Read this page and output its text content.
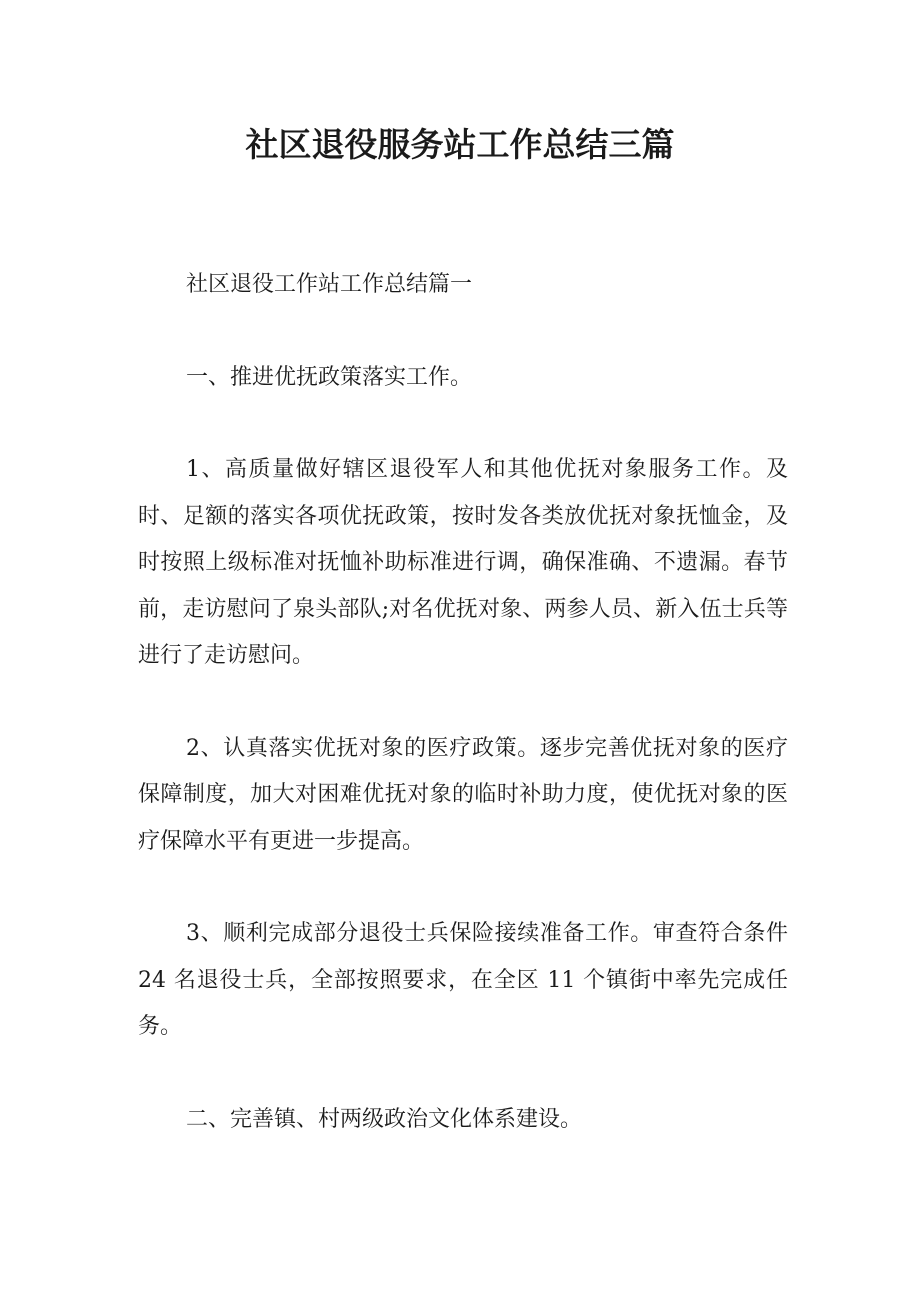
社区退役服务站工作总结三篇

社区退役工作站工作总结篇一

一、推进优抚政策落实工作。

1、高质量做好辖区退役军人和其他优抚对象服务工作。及时、足额的落实各项优抚政策，按时发各类放优抚对象抚恤金，及时按照上级标准对抚恤补助标准进行调，确保准确、不遗漏。春节前，走访慰问了泉头部队;对名优抚对象、两参人员、新入伍士兵等进行了走访慰问。

2、认真落实优抚对象的医疗政策。逐步完善优抚对象的医疗保障制度，加大对困难优抚对象的临时补助力度，使优抚对象的医疗保障水平有更进一步提高。

3、顺利完成部分退役士兵保险接续准备工作。审查符合条件 24 名退役士兵，全部按照要求，在全区 11 个镇街中率先完成任务。

二、完善镇、村两级政治文化体系建设。
